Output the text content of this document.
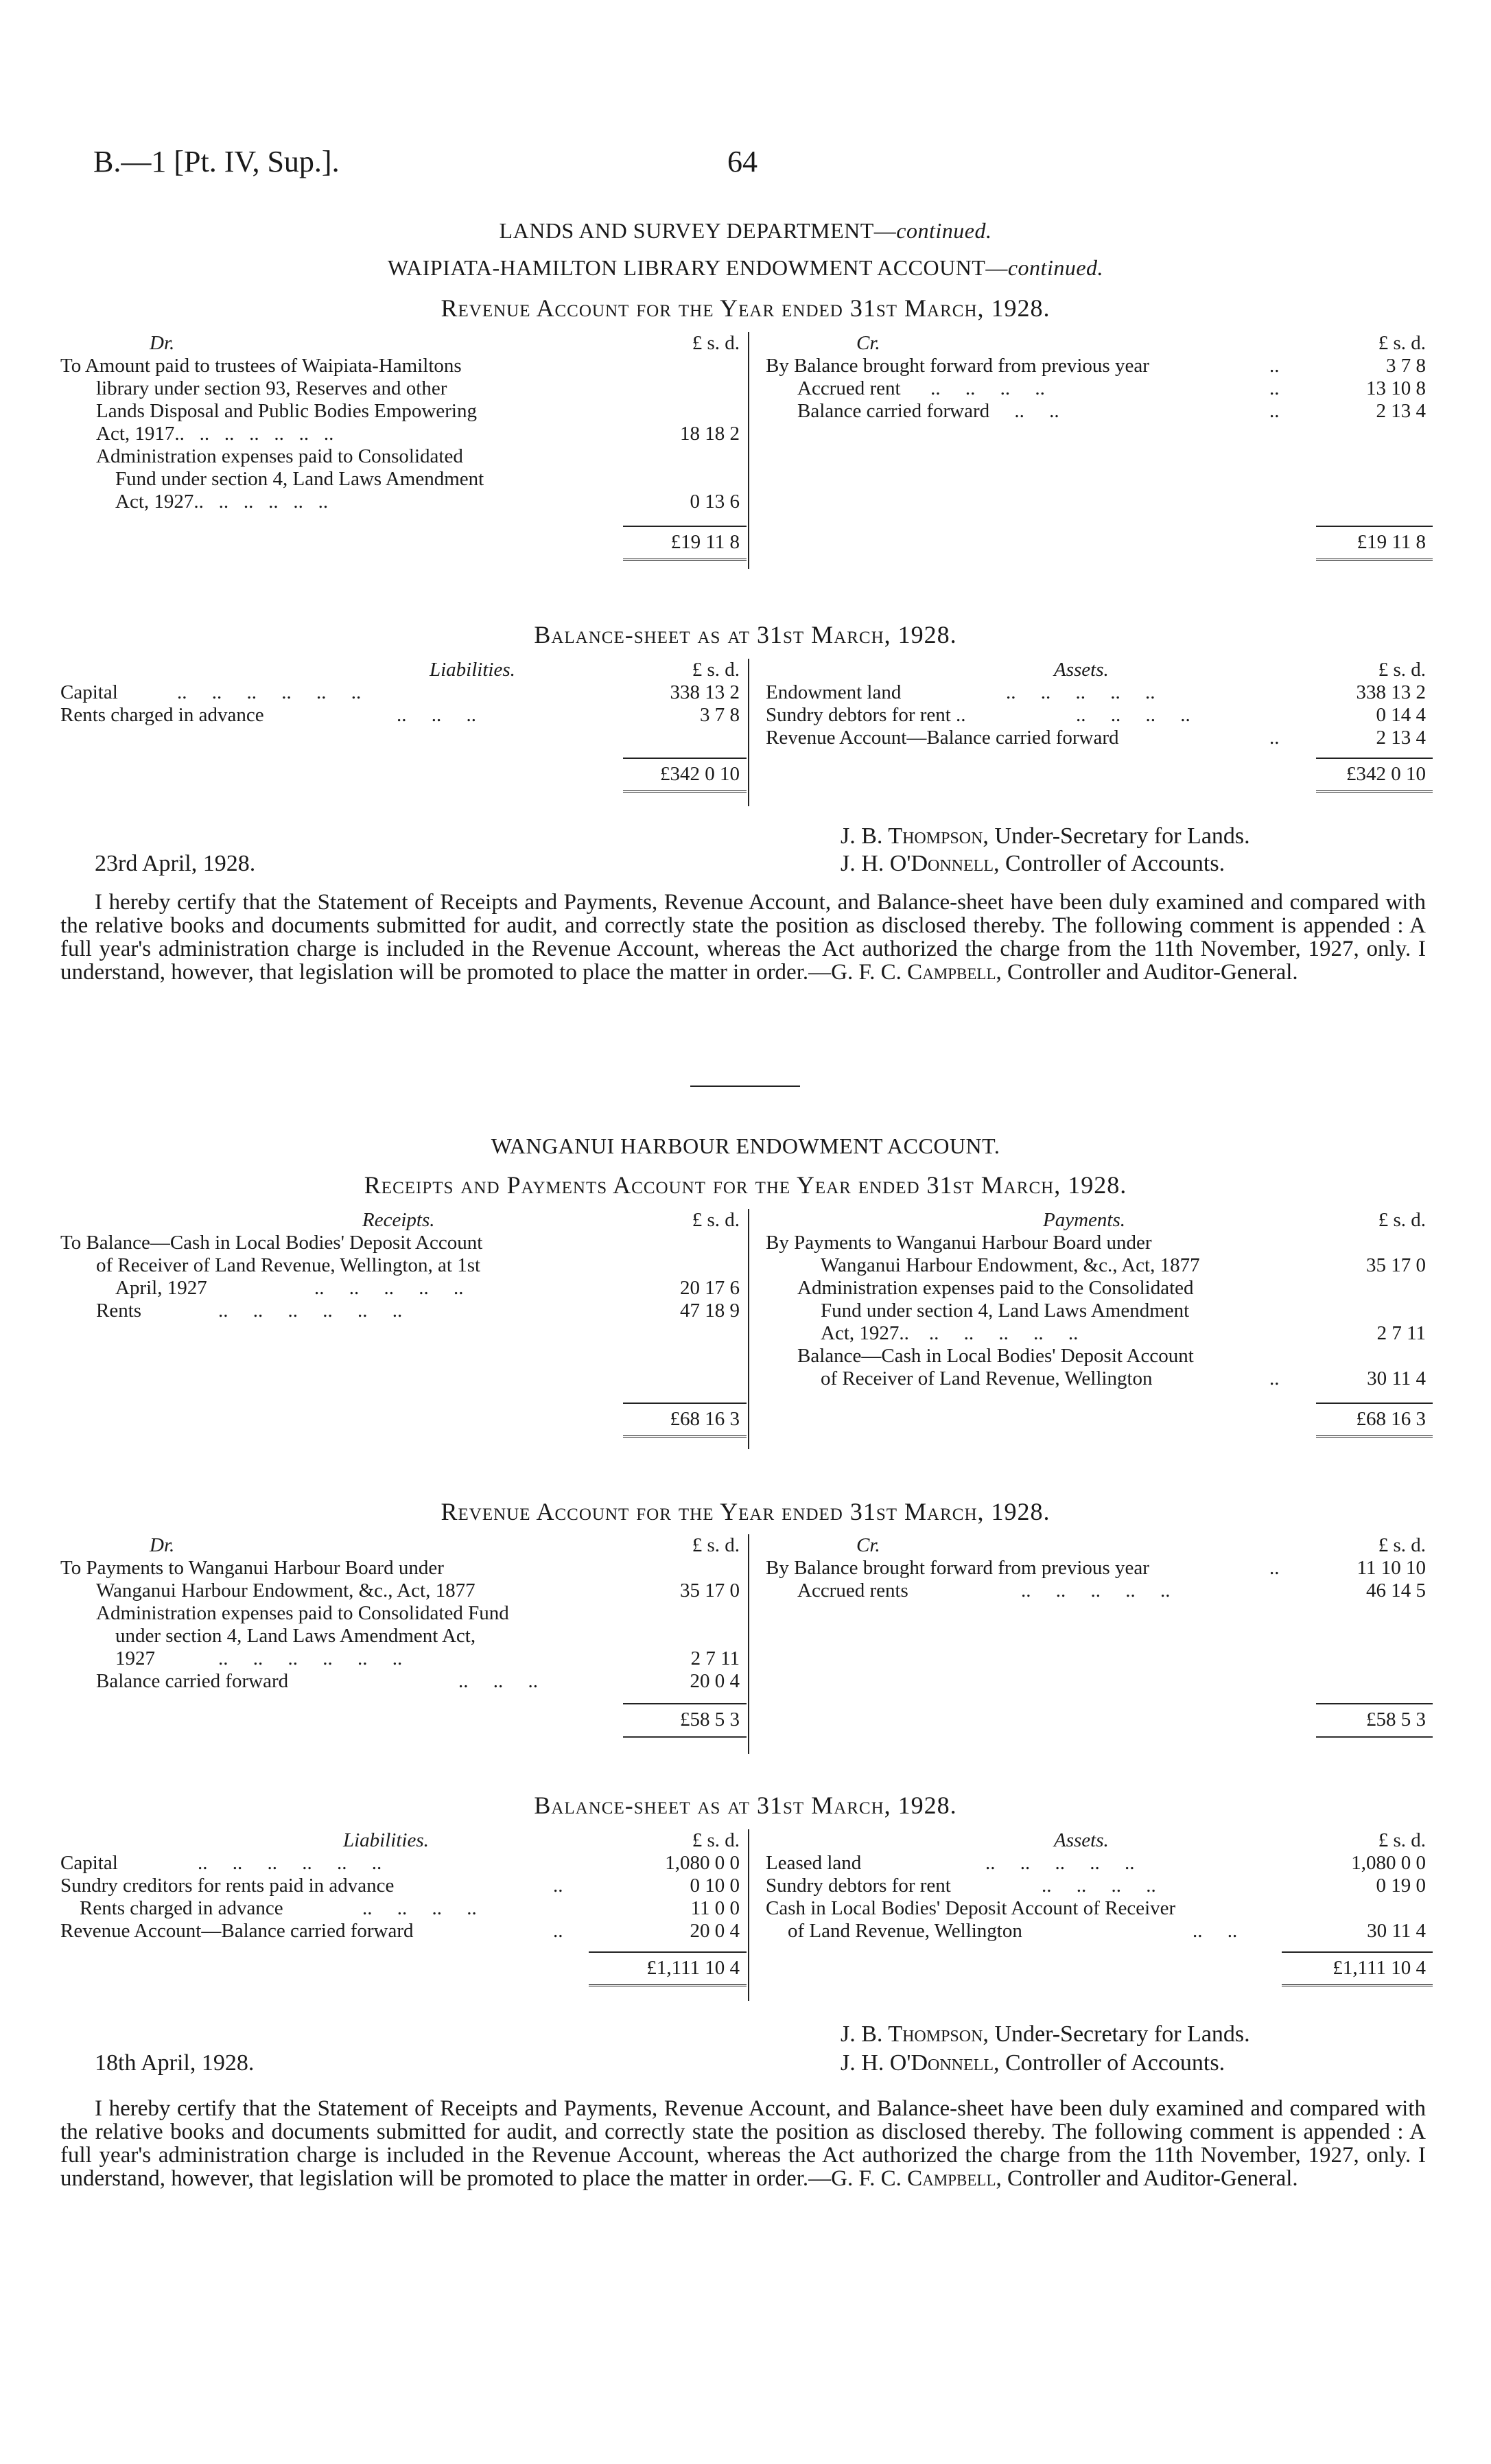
B.—1 [Pt. IV, Sup.].	64
LANDS AND SURVEY DEPARTMENT—continued.
WAIPIATA-HAMILTON LIBRARY ENDOWMENT ACCOUNT—continued.
Revenue Account for the Year ended 31st March, 1928.
Dr.	£ s. d.
To Amount paid to trustees of Waipiata-Hamiltons
library under section 93, Reserves and other
Lands Disposal and Public Bodies Empowering
Act, 1917..   ..   ..   ..   ..   ..   ..	18 18 2
Administration expenses paid to Consolidated
Fund under section 4, Land Laws Amendment
Act, 1927..   ..   ..   ..   ..   ..	0 13 6
£19 11 8
Cr.	£ s. d.
By Balance brought forward from previous year	..	3 7 8
Accrued rent      ..     ..     ..     ..	..	13 10 8
Balance carried forward     ..     ..	..	2 13 4
£19 11 8
Balance-sheet as at 31st March, 1928.
Liabilities.	£ s. d.
Capital	..     ..     ..     ..     ..     ..	338 13 2
Rents charged in advance	..     ..     ..	3 7 8
£342 0 10
Assets.	£ s. d.
Endowment land	..     ..     ..     ..     ..	338 13 2
Sundry debtors for rent ..	..     ..     ..     ..	0 14 4
Revenue Account—Balance carried forward	..	2 13 4
£342 0 10
J. B. Thompson, Under-Secretary for Lands.
23rd April, 1928.	J. H. O'Donnell, Controller of Accounts.
I hereby certify that the Statement of Receipts and Payments, Revenue Account, and Balance-sheet have been duly examined and compared with the relative books and documents submitted for audit, and correctly state the position as disclosed thereby. The following comment is appended : A full year's administration charge is included in the Revenue Account, whereas the Act authorized the charge from the 11th November, 1927, only. I understand, however, that legislation will be promoted to place the matter in order.—G. F. C. Campbell, Controller and Auditor-General.
WANGANUI HARBOUR ENDOWMENT ACCOUNT.
Receipts and Payments Account for the Year ended 31st March, 1928.
Receipts.	£ s. d.
To Balance—Cash in Local Bodies' Deposit Account
of Receiver of Land Revenue, Wellington, at 1st
April, 1927	..     ..     ..     ..     ..	20 17 6
Rents	..     ..     ..     ..     ..     ..	47 18 9
£68 16 3
Payments.	£ s. d.
By Payments to Wanganui Harbour Board under
Wanganui Harbour Endowment, &c., Act, 1877	35 17 0
Administration expenses paid to the Consolidated
Fund under section 4, Land Laws Amendment
Act, 1927..    ..     ..     ..     ..     ..	2 7 11
Balance—Cash in Local Bodies' Deposit Account
of Receiver of Land Revenue, Wellington	..	30 11 4
£68 16 3
Revenue Account for the Year ended 31st March, 1928.
Dr.	£ s. d.
To Payments to Wanganui Harbour Board under
Wanganui Harbour Endowment, &c., Act, 1877	35 17 0
Administration expenses paid to Consolidated Fund
under section 4, Land Laws Amendment Act,
1927	..     ..     ..     ..     ..     ..	2 7 11
Balance carried forward	..     ..     ..	20 0 4
£58 5 3
Cr.	£ s. d.
By Balance brought forward from previous year	..	11 10 10
Accrued rents	..     ..     ..     ..     ..	46 14 5
£58 5 3
Balance-sheet as at 31st March, 1928.
Liabilities.	£ s. d.
Capital	..     ..     ..     ..     ..     ..	1,080 0 0
Sundry creditors for rents paid in advance	..	0 10 0
Rents charged in advance	..     ..     ..     ..	11 0 0
Revenue Account—Balance carried forward	..	20 0 4
£1,111 10 4
Assets.	£ s. d.
Leased land	..     ..     ..     ..     ..	1,080 0 0
Sundry debtors for rent	..     ..     ..     ..	0 19 0
Cash in Local Bodies' Deposit Account of Receiver
of Land Revenue, Wellington	..     ..	30 11 4
£1,111 10 4
J. B. Thompson, Under-Secretary for Lands.
18th April, 1928.	J. H. O'Donnell, Controller of Accounts.
I hereby certify that the Statement of Receipts and Payments, Revenue Account, and Balance-sheet have been duly examined and compared with the relative books and documents submitted for audit, and correctly state the position as disclosed thereby. The following comment is appended : A full year's administration charge is included in the Revenue Account, whereas the Act authorized the charge from the 11th November, 1927, only. I understand, however, that legislation will be promoted to place the matter in order.—G. F. C. Campbell, Controller and Auditor-General.
